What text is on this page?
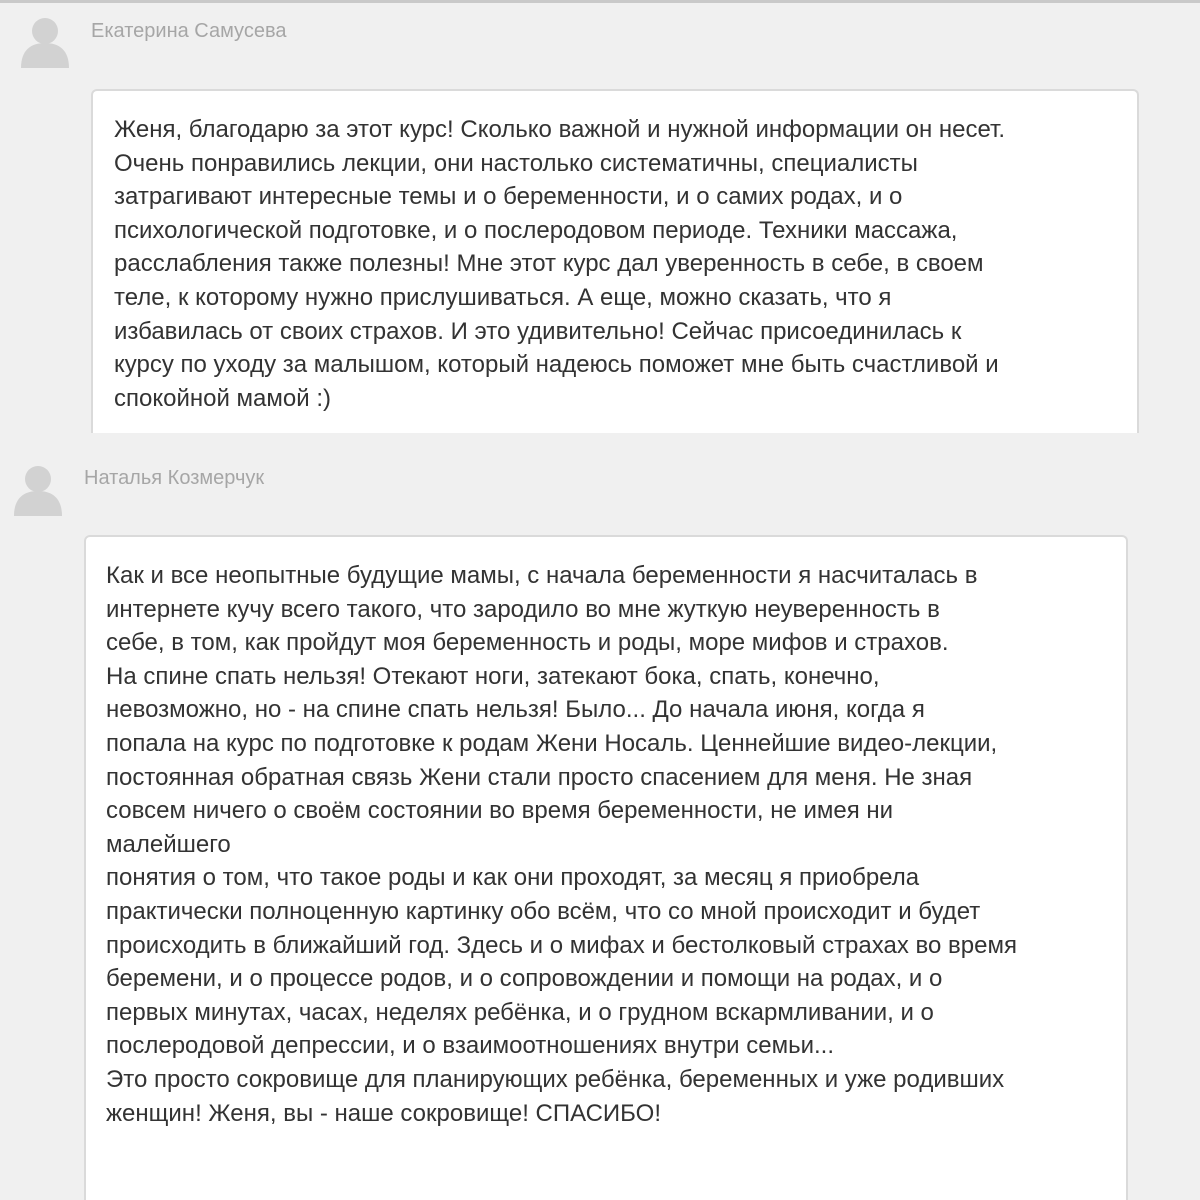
Екатерина Самусева
Женя, благодарю за этот курс! Сколько важной и нужной информации он несет.
Очень понравились лекции, они настолько систематичны, специалисты
затрагивают интересные темы и о беременности, и о самих родах, и о
психологической подготовке, и о послеродовом периоде. Техники массажа,
расслабления также полезны! Мне этот курс дал уверенность в себе, в своем
теле, к которому нужно прислушиваться. А еще, можно сказать, что я
избавилась от своих страхов. И это удивительно! Сейчас присоединилась к
курсу по уходу за малышом, который надеюсь поможет мне быть счастливой и
спокойной мамой :)
Наталья Козмерчук
Как и все неопытные будущие мамы, с начала беременности я насчиталась в
интернете кучу всего такого, что зародило во мне жуткую неуверенность в
себе, в том, как пройдут моя беременность и роды, море мифов и страхов.
На спине спать нельзя! Отекают ноги, затекают бока, спать, конечно,
невозможно, но - на спине спать нельзя! Было... До начала июня, когда я
попала на курс по подготовке к родам Жени Носаль. Ценнейшие видео-лекции,
постоянная обратная связь Жени стали просто спасением для меня. Не зная
совсем ничего о своём состоянии во время беременности, не имея ни
малейшего
понятия о том, что такое роды и как они проходят, за месяц я приобрела
практически полноценную картинку обо всём, что со мной происходит и будет
происходить в ближайший год. Здесь и о мифах и бестолковый страхах во время
беремени, и о процессе родов, и о сопровождении и помощи на родах, и о
первых минутах, часах, неделях ребёнка, и о грудном вскармливании, и о
послеродовой депрессии, и о взаимоотношениях внутри семьи...
Это просто сокровище для планирующих ребёнка, беременных и уже родивших
женщин! Женя, вы - наше сокровище! СПАСИБО!
